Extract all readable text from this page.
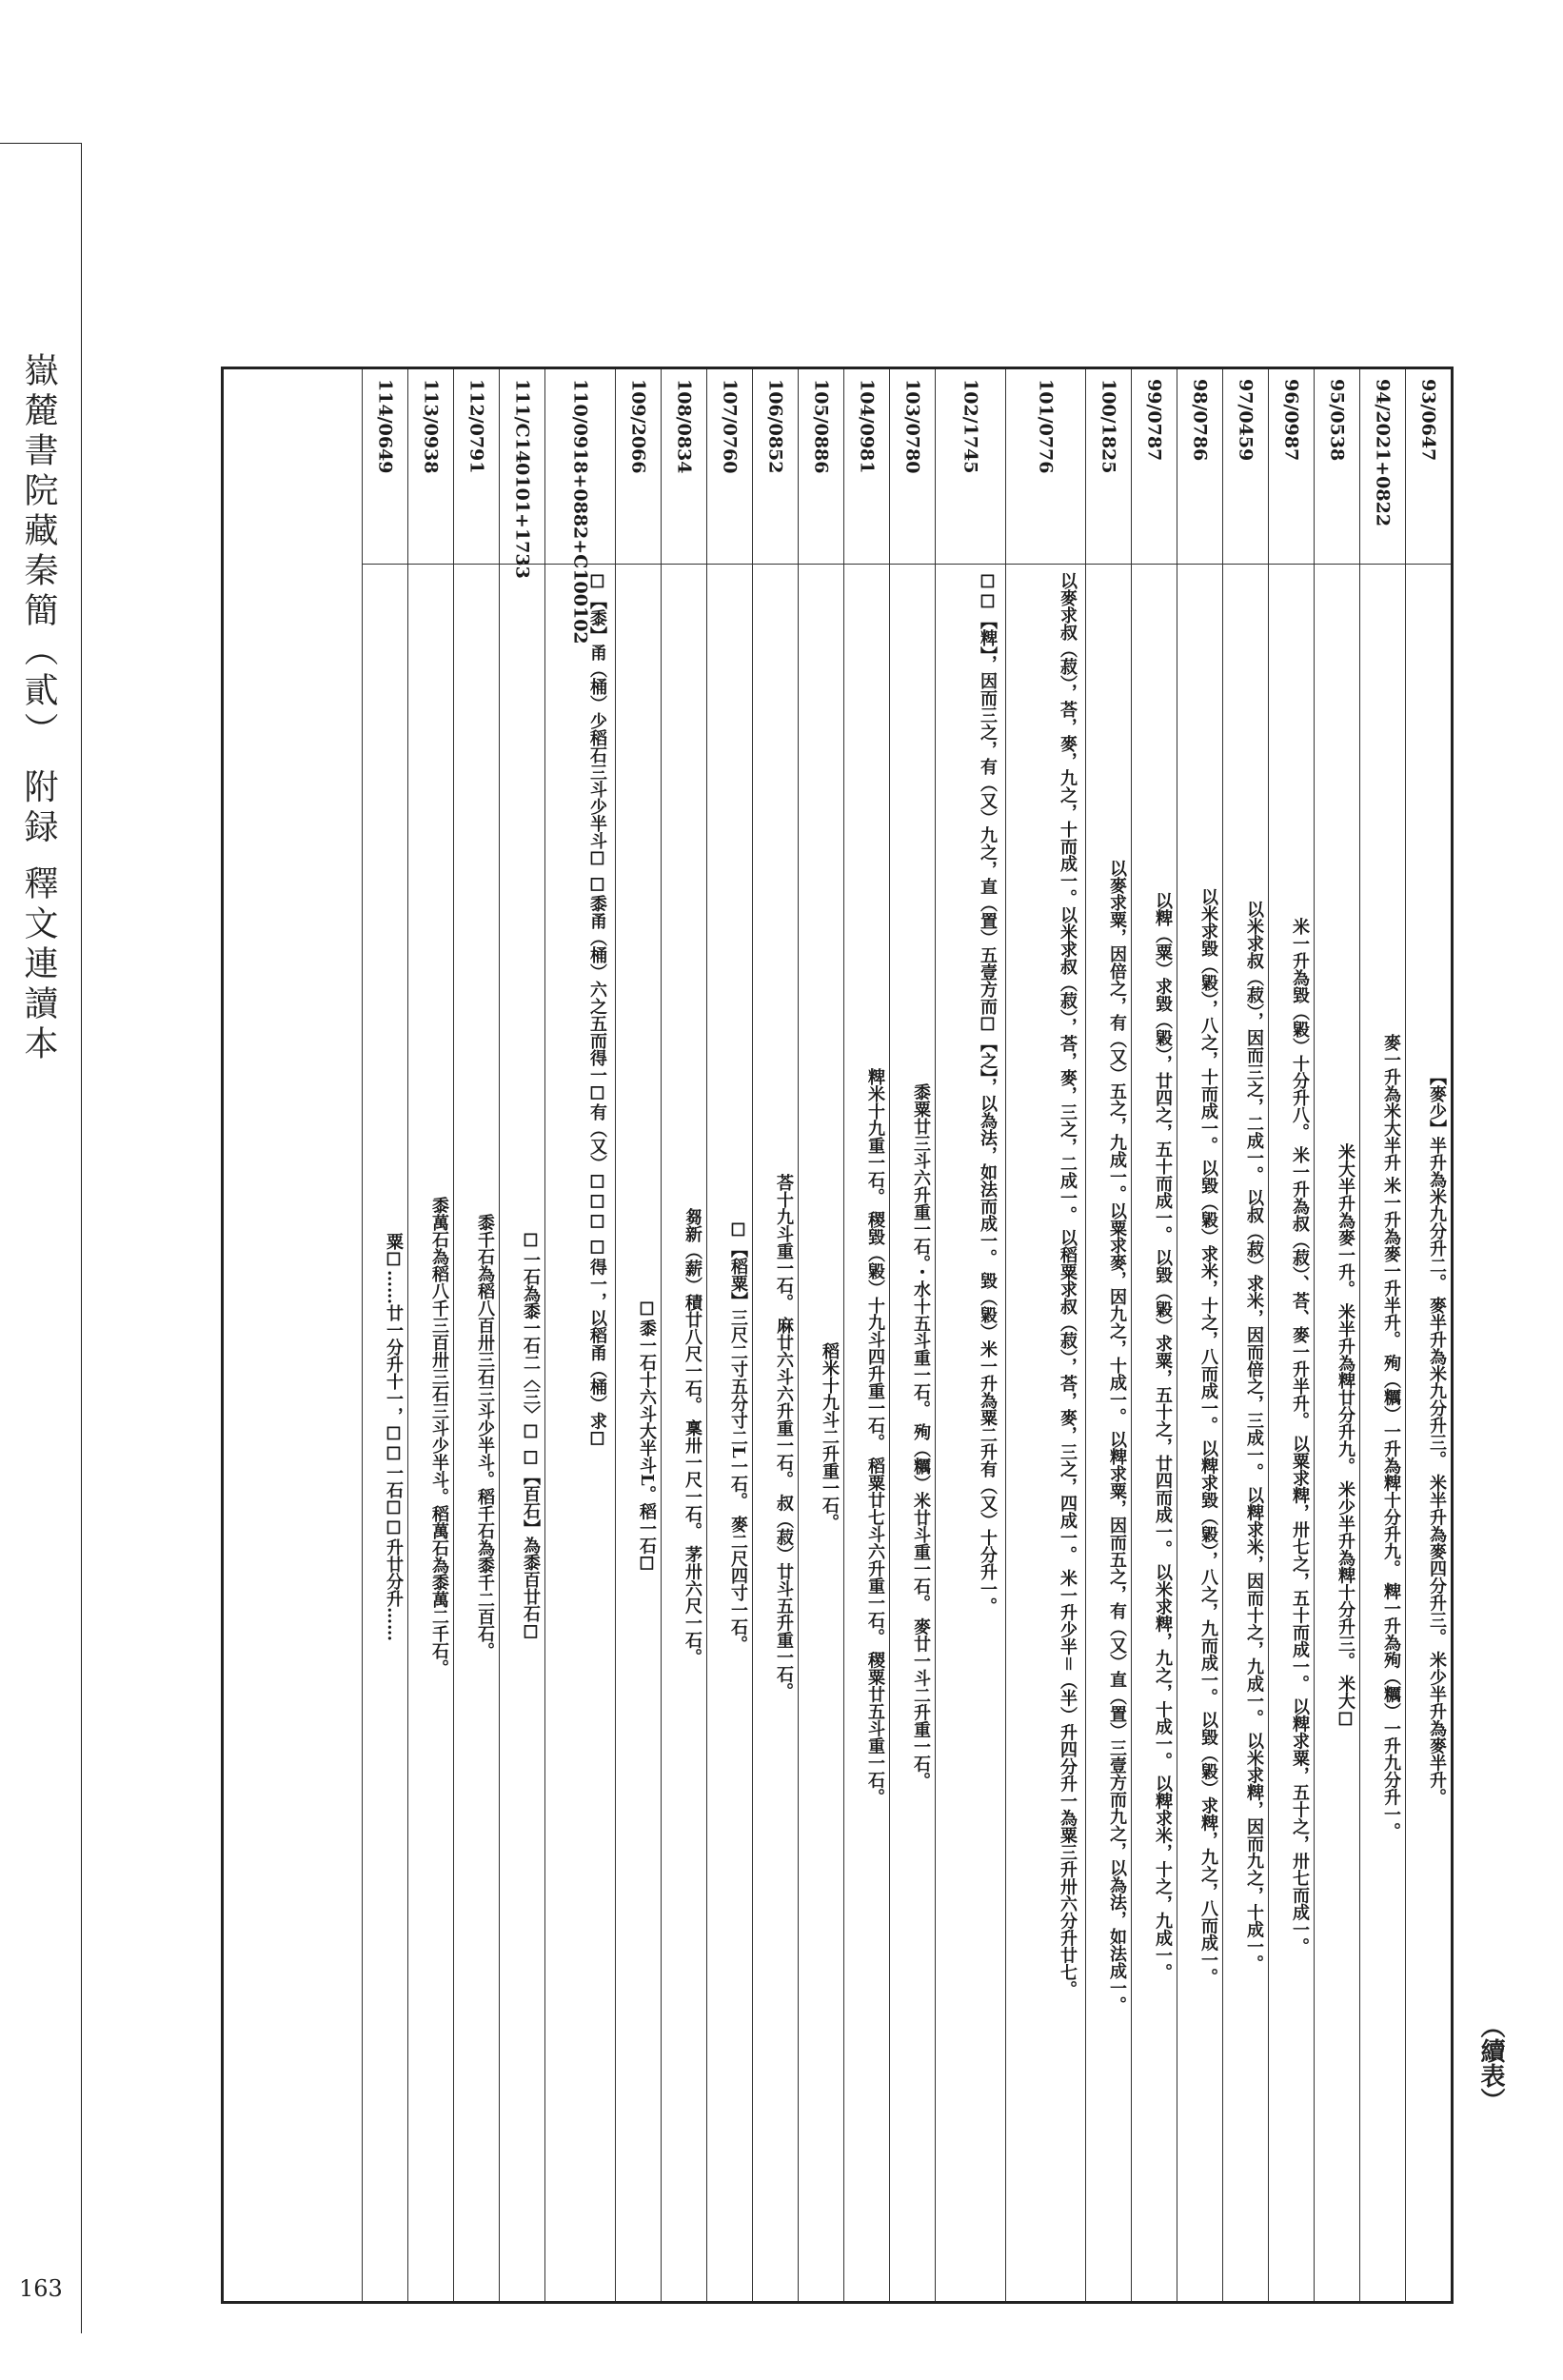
嶽麓書院藏秦簡（貳） 附録 釋文連讀本
163
（續表）
93/0647
【麥少】半升為米九分升二。 麥半升為米九分升三。 米半升為麥四分升三。 米少半升為麥半升。
94/2021+0822
麥一升為米大半升 米一升為麥一升半升。 殉（糲）一升為粺十分升九。 粺一升為殉（糲）一升九分升一。
95/0538
米大半升為麥一升。 米半升為粺廿分升九。 米少半升為粺十分升三。 米大☐
96/0987
米一升為毀（毇）十分升八。 米一升為叔（菽）、荅、麥一升半升。 以粟求粺，卅七之，五十而成一。 以粺求粟，五十之，卅七而成一。
97/0459
以米求叔（菽），因而三之，二成一。 以叔（菽）求米，因而倍之，三成一。 以粺求米，因而十之，九成一。 以米求粺，因而九之，十成一。
98/0786
以米求毀（毇），八之，十而成一。 以毀（毇）求米，十之，八而成一。 以粺求毀（毇），八之，九而成一。 以毀（毇）求粺，九之，八而成一。
99/0787
以粺（粟）求毀（毇），廿四之，五十而成一。 以毀（毇）求粟，五十之，廿四而成一。 以米求粺，九之，十成一。 以粺求米，十之，九成一。
100/1825
以麥求粟，因倍之，有（又）五之，九成一。以粟求麥，因九之，十成一。 以粺求粟，因而五之，有（又）直（置）三壹方而九之，以為法，如法成一。
101/0776
以麥求叔（菽），荅，麥，九之，十而成一。以米求叔（菽），荅，麥，三之，二成一。 以稻粟求叔（菽），荅，麥，三之，四成一。 米一升少半＝（半）升四分升一為粟三升卅六分升廿七。
102/1745
☐☐【粺】，因而三之，有（又）九之，直（置）五壹方而☐【之】，以為法，如法而成一。 毀（毇）米一升為粟二升有（又）十分升一。
103/0780
黍粟廿三斗六升重一石。・水十五斗重一石。 殉（糲）米廿斗重一石。 麥廿一斗二升重一石。
104/0981
粺米十九重一石。 稷毀（毇）十九斗四升重一石。 稻粟廿七斗六升重一石。 稷粟廿五斗重一石。
105/0886
稻米十九斗二升重一石。
106/0852
荅十九斗重一石。 麻廿六斗六升重一石。 叔（菽）廿斗五升重一石。
107/0760
☐【稻粟】三尺二寸五分寸二L一石。 麥二尺四寸一石。
108/0834
芻新（薪）積廿八尺一石。 稟卅一尺一石。 茅卅六尺一石。
109/2066
☐黍一石十六斗大半斗L。稻一石☐
110/0918+0882+C100102
☐【黍】甬（桶）少稻石三斗少半斗☐ ☐黍甬（桶）六之五而得一☐有（又）☐☐☐ ☐得一，以稻甬（桶）求☐
111/C140101+1733
☐一石為黍一石二〈三〉☐ ☐【百石】為黍百廿石☐
112/0791
黍千石為稻八百卅三石三斗少半斗。稻千石為黍千二百石。
113/0938
黍萬石為稻八千三百卅三石三斗少半斗。稻萬石為黍萬二千石。
114/0649
粟☐……廿一分升十一，☐☐一石☐☐升廿分升……
